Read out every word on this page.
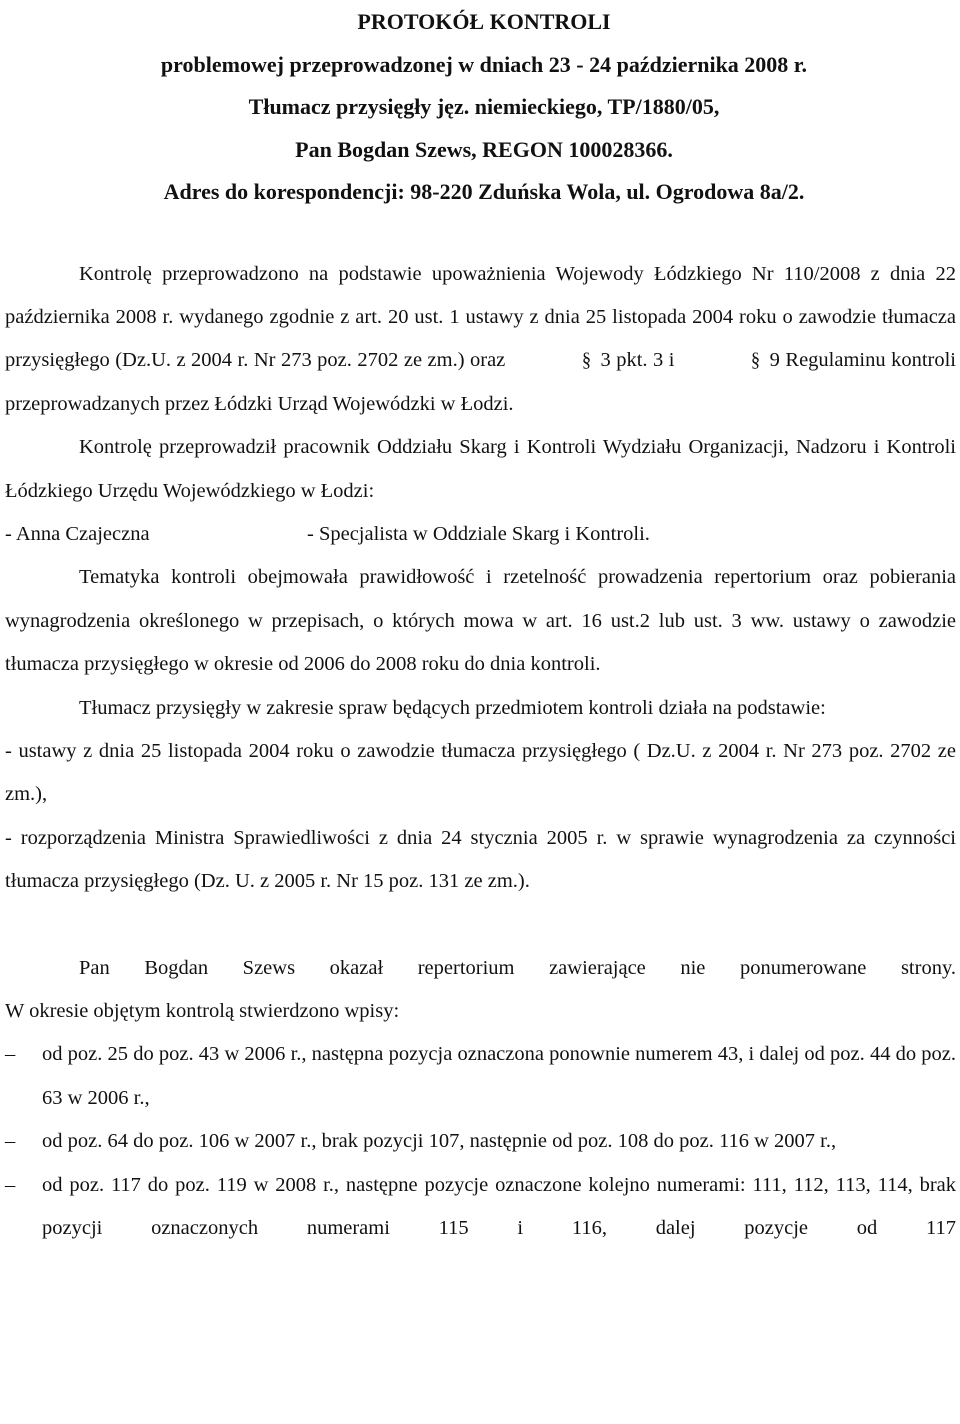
PROTOKÓŁ KONTROLI
problemowej przeprowadzonej w dniach 23 - 24 października 2008 r.
Tłumacz przysięgły jęz. niemieckiego, TP/1880/05,
Pan Bogdan Szews, REGON 100028366.
Adres do korespondencji: 98-220 Zduńska Wola, ul. Ogrodowa 8a/2.

Kontrolę przeprowadzono na podstawie upoważnienia Wojewody Łódzkiego Nr 110/2008 z dnia 22 października 2008 r. wydanego zgodnie z art. 20 ust. 1 ustawy z dnia 25 listopada 2004 roku o zawodzie tłumacza przysięgłego (Dz.U. z 2004 r. Nr 273 poz. 2702 ze zm.) oraz	§ 3 pkt. 3 i	§ 9 Regulaminu kontroli przeprowadzanych przez Łódzki Urząd Wojewódzki w Łodzi.

Kontrolę przeprowadził pracownik Oddziału Skarg i Kontroli Wydziału Organizacji, Nadzoru i Kontroli Łódzkiego Urzędu Wojewódzkiego w Łodzi:

- Anna Czajeczna	- Specjalista w Oddziale Skarg i Kontroli.

Tematyka kontroli obejmowała prawidłowość i rzetelność prowadzenia repertorium oraz pobierania wynagrodzenia określonego w przepisach, o których mowa w art. 16 ust.2 lub ust. 3 ww. ustawy o zawodzie tłumacza przysięgłego w okresie od 2006 do 2008 roku do dnia kontroli.

Tłumacz przysięgły w zakresie spraw będących przedmiotem kontroli działa na podstawie:

- ustawy z dnia 25 listopada 2004 roku o zawodzie tłumacza przysięgłego ( Dz.U. z 2004 r. Nr 273 poz. 2702 ze zm.),

- rozporządzenia Ministra Sprawiedliwości z dnia 24 stycznia 2005 r. w sprawie wynagrodzenia za czynności tłumacza przysięgłego (Dz. U. z 2005 r. Nr 15 poz. 131 ze zm.).

Pan Bogdan Szews okazał repertorium zawierające nie ponumerowane strony.

W okresie objętym kontrolą stwierdzono wpisy:

–	od poz. 25 do poz. 43 w 2006 r., następna pozycja oznaczona ponownie numerem 43, i dalej od poz. 44 do poz. 63 w 2006 r.,
–	od poz. 64 do poz. 106 w 2007 r., brak pozycji 107, następnie od poz. 108 do poz. 116 w 2007 r.,
–	od poz. 117 do poz. 119 w 2008 r., następne pozycje oznaczone kolejno numerami: 111, 112, 113, 114, brak pozycji oznaczonych numerami 115 i 116, dalej pozycje od 117
